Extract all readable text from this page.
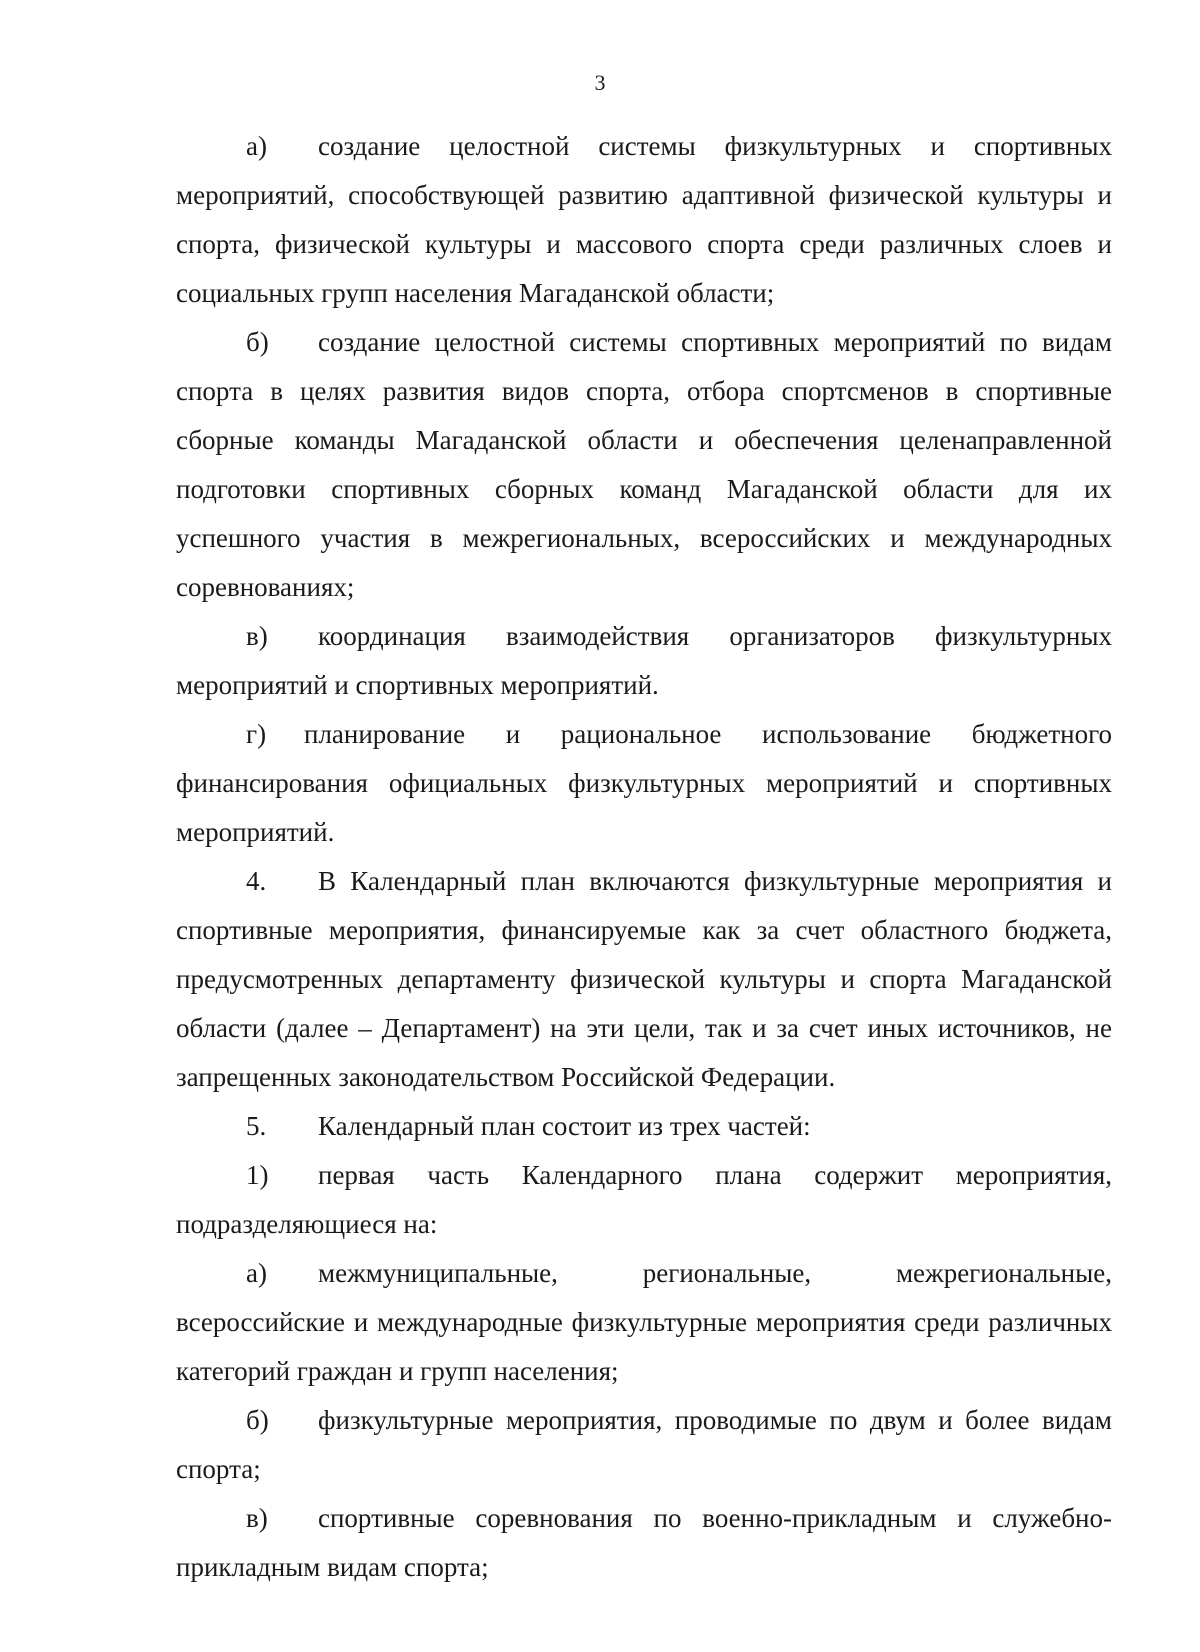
3

а) создание целостной системы физкультурных и спортивных мероприятий, способствующей развитию адаптивной физической культуры и спорта, физической культуры и массового спорта среди различных слоев и социальных групп населения Магаданской области;

б) создание целостной системы спортивных мероприятий по видам спорта в целях развития видов спорта, отбора спортсменов в спортивные сборные команды Магаданской области и обеспечения целенаправленной подготовки спортивных сборных команд Магаданской области для их успешного участия в межрегиональных, всероссийских и международных соревнованиях;

в) координация взаимодействия организаторов физкультурных мероприятий и спортивных мероприятий.

г) планирование и рациональное использование бюджетного финансирования официальных физкультурных мероприятий и спортивных мероприятий.

4. В Календарный план включаются физкультурные мероприятия и спортивные мероприятия, финансируемые как за счет областного бюджета, предусмотренных департаменту физической культуры и спорта Магаданской области (далее – Департамент) на эти цели, так и за счет иных источников, не запрещенных законодательством Российской Федерации.

5. Календарный план состоит из трех частей:

1) первая часть Календарного плана содержит мероприятия, подразделяющиеся на:

а) межмуниципальные, региональные, межрегиональные, всероссийские и международные физкультурные мероприятия среди различных категорий граждан и групп населения;

б) физкультурные мероприятия, проводимые по двум и более видам спорта;

в) спортивные соревнования по военно-прикладным и служебно-прикладным видам спорта;
